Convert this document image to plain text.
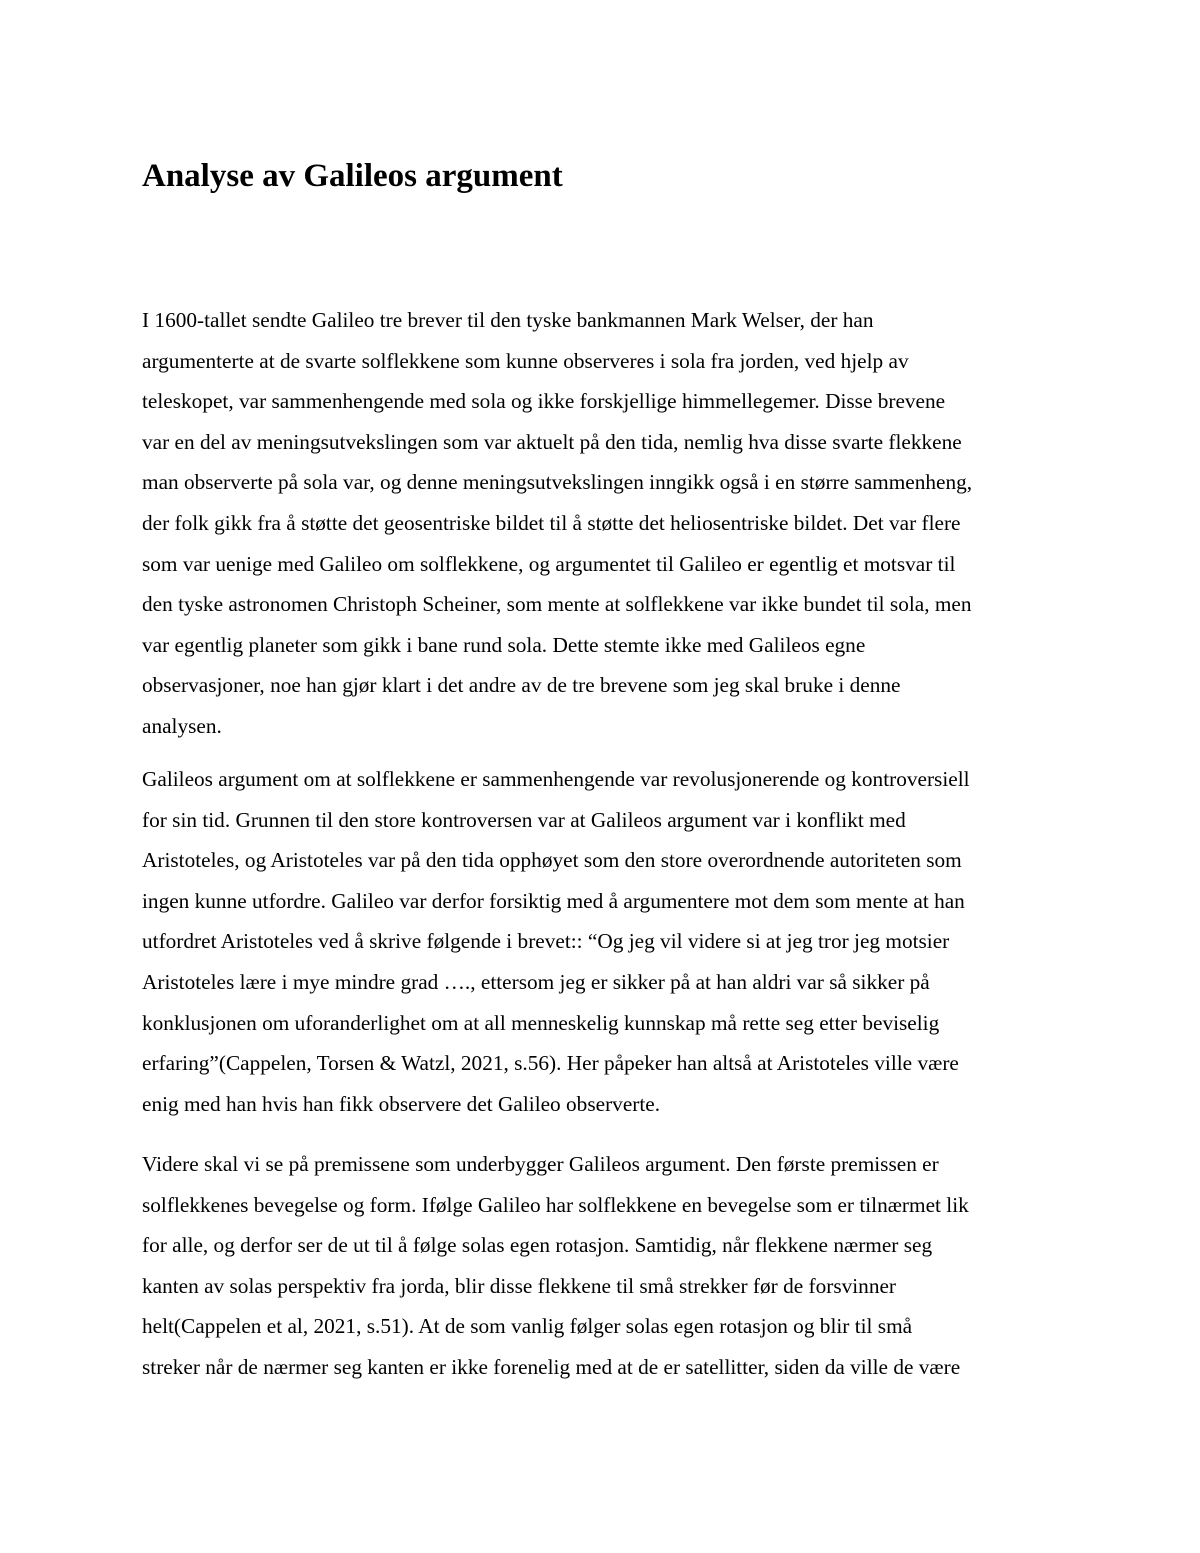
Analyse av Galileos argument
I 1600-tallet sendte Galileo tre brever til den tyske bankmannen Mark Welser, der han
argumenterte at de svarte solflekkene som kunne observeres i sola fra jorden, ved hjelp av
teleskopet, var sammenhengende med sola og ikke forskjellige himmellegemer. Disse brevene
var en del av meningsutvekslingen som var aktuelt på den tida, nemlig hva disse svarte flekkene
man observerte på sola var, og denne meningsutvekslingen inngikk også i en større sammenheng,
der folk gikk fra å støtte det geosentriske bildet til å støtte det heliosentriske bildet. Det var flere
som var uenige med Galileo om solflekkene, og argumentet til Galileo er egentlig et motsvar til
den tyske astronomen Christoph Scheiner, som mente at solflekkene var ikke bundet til sola, men
var egentlig planeter som gikk i bane rund sola. Dette stemte ikke med Galileos egne
observasjoner, noe han gjør klart i det andre av de tre brevene som jeg skal bruke i denne
analysen.
Galileos argument om at solflekkene er sammenhengende var revolusjonerende og kontroversiell
for sin tid. Grunnen til den store kontroversen var at Galileos argument var i konflikt med
Aristoteles, og Aristoteles var på den tida opphøyet som den store overordnende autoriteten som
ingen kunne utfordre. Galileo var derfor forsiktig med å argumentere mot dem som mente at han
utfordret Aristoteles ved å skrive følgende i brevet:: “Og jeg vil videre si at jeg tror jeg motsier
Aristoteles lære i mye mindre grad …., ettersom jeg er sikker på at han aldri var så sikker på
konklusjonen om uforanderlighet om at all menneskelig kunnskap må rette seg etter beviselig
erfaring”(Cappelen, Torsen & Watzl, 2021, s.56). Her påpeker han altså at Aristoteles ville være
enig med han hvis han fikk observere det Galileo observerte.
Videre skal vi se på premissene som underbygger Galileos argument. Den første premissen er
solflekkenes bevegelse og form. Ifølge Galileo har solflekkene en bevegelse som er tilnærmet lik
for alle, og derfor ser de ut til å følge solas egen rotasjon. Samtidig, når flekkene nærmer seg
kanten av solas perspektiv fra jorda, blir disse flekkene til små strekker før de forsvinner
helt(Cappelen et al, 2021, s.51). At de som vanlig følger solas egen rotasjon og blir til små
streker når de nærmer seg kanten er ikke forenelig med at de er satellitter, siden da ville de være
